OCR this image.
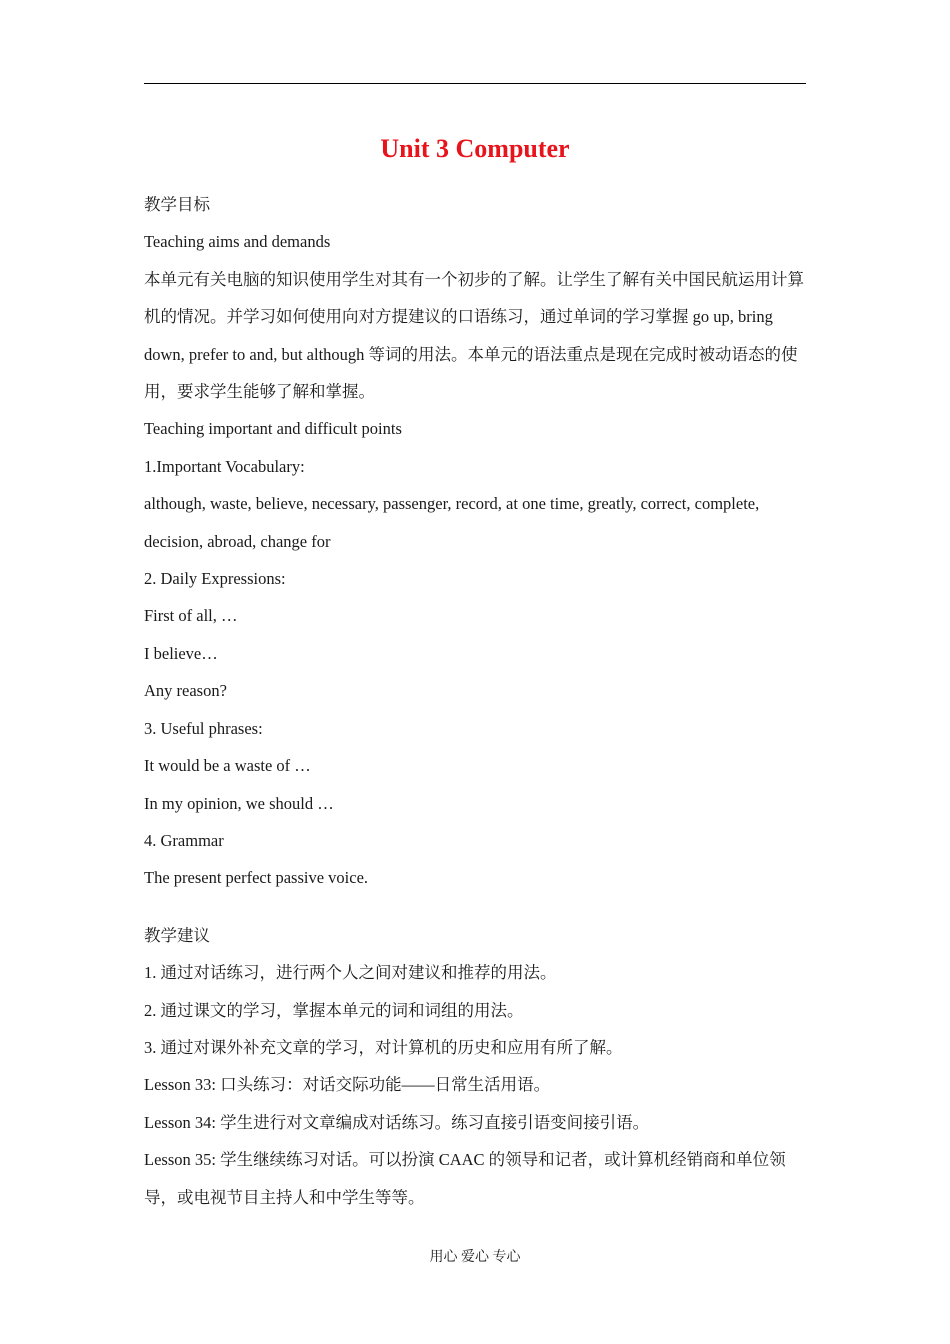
Unit 3 Computer

教学目标

Teaching aims and demands

本单元有关电脑的知识使用学生对其有一个初步的了解。让学生了解有关中国民航运用计算机的情况。并学习如何使用向对方提建议的口语练习，通过单词的学习掌握 go up, bring down, prefer to and, but although 等词的用法。本单元的语法重点是现在完成时被动语态的使用，要求学生能够了解和掌握。

Teaching important and difficult points

1.Important Vocabulary:

although, waste, believe, necessary, passenger, record, at one time, greatly, correct, complete, decision, abroad, change for

2. Daily Expressions:

First of all, …

I believe…

Any reason?

3. Useful phrases:

It would be a waste of …

In my opinion, we should …

4. Grammar

The present perfect passive voice.

教学建议

1. 通过对话练习，进行两个人之间对建议和推荐的用法。

2. 通过课文的学习，掌握本单元的词和词组的用法。

3. 通过对课外补充文章的学习，对计算机的历史和应用有所了解。

Lesson 33: 口头练习：对话交际功能——日常生活用语。

Lesson 34: 学生进行对文章编成对话练习。练习直接引语变间接引语。

Lesson 35: 学生继续练习对话。可以扮演 CAAC 的领导和记者，或计算机经销商和单位领导，或电视节目主持人和中学生等等。

用心 爱心 专心
